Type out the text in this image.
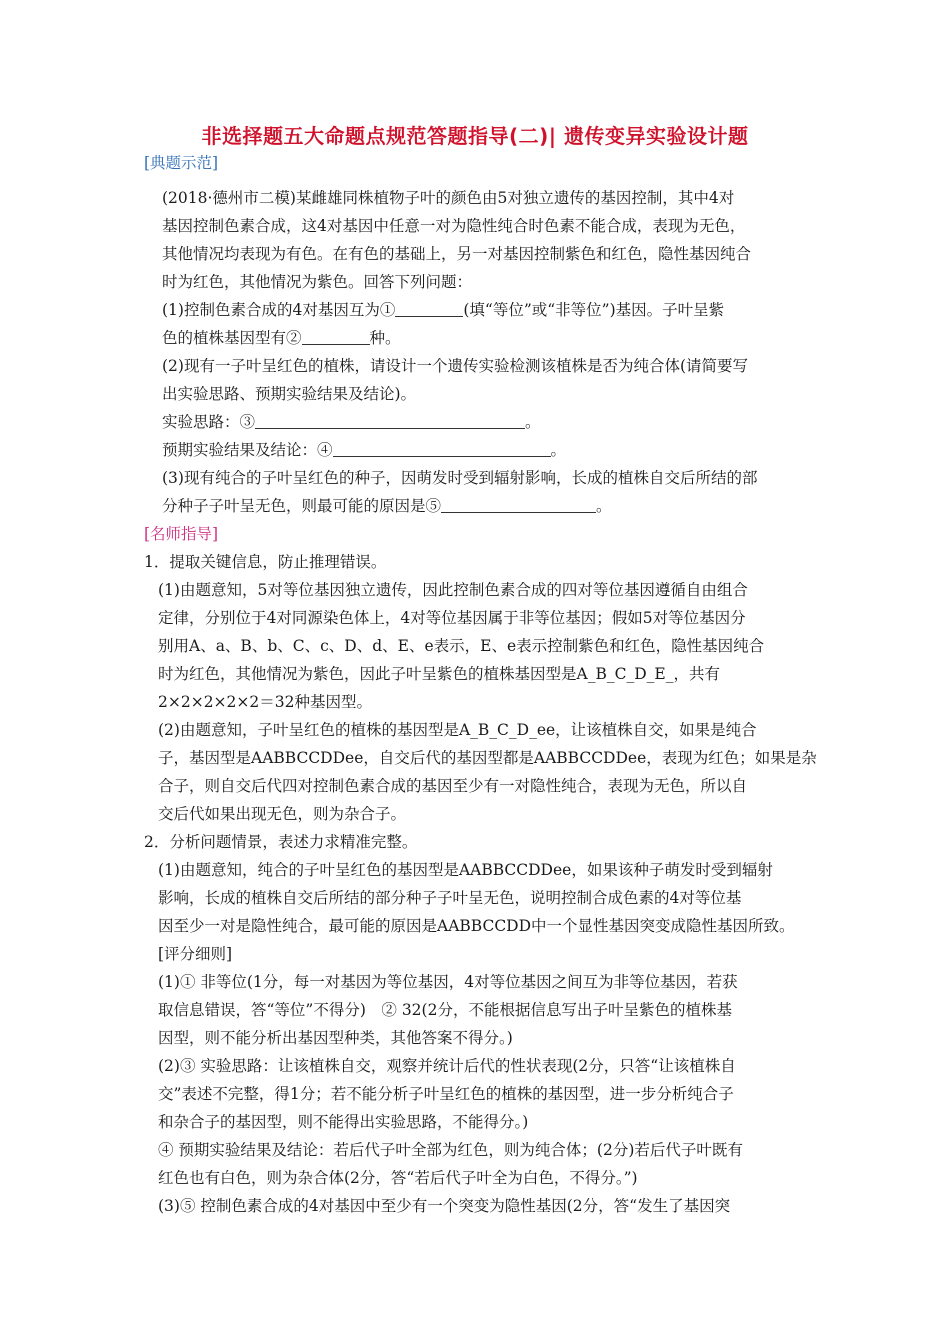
非选择题五大命题点规范答题指导(二)| 遗传变异实验设计题
[典题示范]
(2018·德州市二模)某雌雄同株植物子叶的颜色由5对独立遗传的基因控制，其中4对
基因控制色素合成，这4对基因中任意一对为隐性纯合时色素不能合成，表现为无色，
其他情况均表现为有色。在有色的基础上，另一对基因控制紫色和红色，隐性基因纯合
时为红色，其他情况为紫色。回答下列问题：
(1)控制色素合成的4对基因互为①	(填“等位”或“非等位”)基因。子叶呈紫
色的植株基因型有②	种。
(2)现有一子叶呈红色的植株，请设计一个遗传实验检测该植株是否为纯合体(请简要写
出实验思路、预期实验结果及结论)。
实验思路：③	。
预期实验结果及结论：④	。
(3)现有纯合的子叶呈红色的种子，因萌发时受到辐射影响，长成的植株自交后所结的部
分种子子叶呈无色，则最可能的原因是⑤	。
[名师指导]
1．提取关键信息，防止推理错误。
(1)由题意知，5对等位基因独立遗传，因此控制色素合成的四对等位基因遵循自由组合
定律，分别位于4对同源染色体上，4对等位基因属于非等位基因；假如5对等位基因分
别用A、a、B、b、C、c、D、d、E、e表示，E、e表示控制紫色和红色，隐性基因纯合
时为红色，其他情况为紫色，因此子叶呈紫色的植株基因型是A_B_C_D_E_，共有
2×2×2×2×2＝32种基因型。
(2)由题意知，子叶呈红色的植株的基因型是A_B_C_D_ee，让该植株自交，如果是纯合
子，基因型是AABBCCDDee，自交后代的基因型都是AABBCCDDee，表现为红色；如果是杂
合子，则自交后代四对控制色素合成的基因至少有一对隐性纯合，表现为无色，所以自
交后代如果出现无色，则为杂合子。
2．分析问题情景，表述力求精准完整。
(1)由题意知，纯合的子叶呈红色的基因型是AABBCCDDee，如果该种子萌发时受到辐射
影响，长成的植株自交后所结的部分种子子叶呈无色，说明控制合成色素的4对等位基
因至少一对是隐性纯合，最可能的原因是AABBCCDD中一个显性基因突变成隐性基因所致。
[评分细则]
(1)① 非等位(1分，每一对基因为等位基因，4对等位基因之间互为非等位基因，若获
取信息错误，答“等位”不得分)　② 32(2分，不能根据信息写出子叶呈紫色的植株基
因型，则不能分析出基因型种类，其他答案不得分。)
(2)③ 实验思路：让该植株自交，观察并统计后代的性状表现(2分，只答“让该植株自
交”表述不完整，得1分；若不能分析子叶呈红色的植株的基因型，进一步分析纯合子
和杂合子的基因型，则不能得出实验思路，不能得分。)
④ 预期实验结果及结论：若后代子叶全部为红色，则为纯合体；(2分)若后代子叶既有
红色也有白色，则为杂合体(2分，答“若后代子叶全为白色，不得分。”)
(3)⑤ 控制色素合成的4对基因中至少有一个突变为隐性基因(2分，答“发生了基因突
